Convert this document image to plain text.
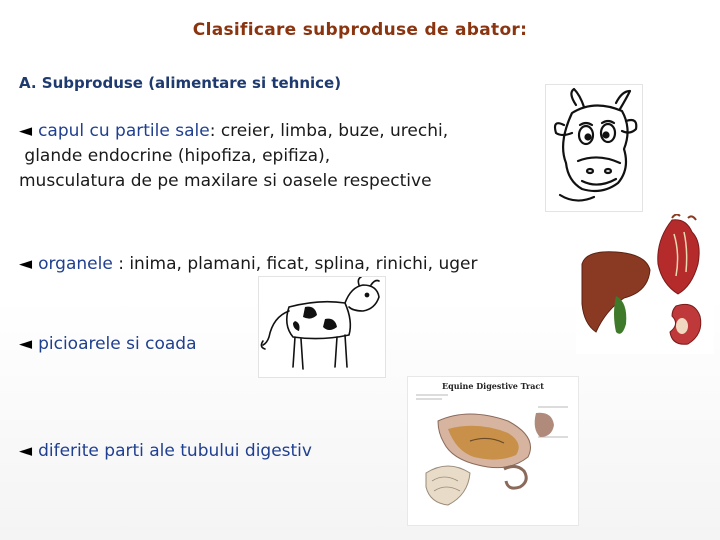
Clasificare subproduse de abator:
A. Subproduse (alimentare si tehnice)
◄ capul cu partile sale: creier, limba, buze, urechi,
glande endocrine (hipofiza, epifiza),
musculatura de pe maxilare si oasele respective
◄ organele : inima, plamani, ficat, splina, rinichi, uger
◄ picioarele si coada
◄ diferite parti ale tubului digestiv
Equine Digestive Tract
